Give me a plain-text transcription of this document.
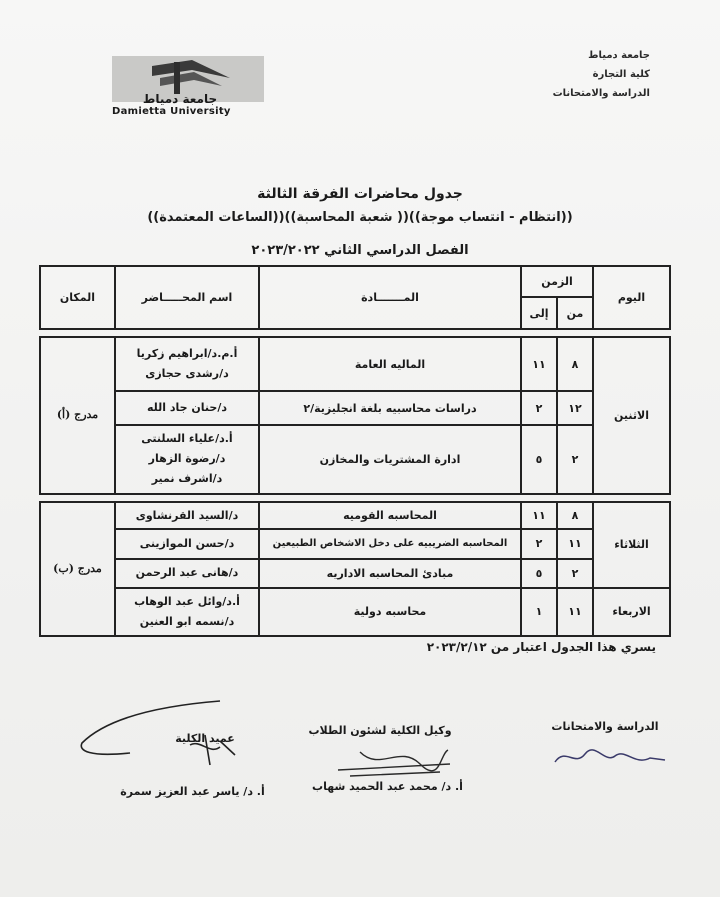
جامعة دمياط
كلية التجارة
الدراسة والامتحانات
جامعة دمياط
Damietta University
جدول محاضرات الفرقة الثالثة
((انتظام - انتساب موجة))(( شعبة المحاسبة))((الساعات المعتمدة))
الفصل الدراسي الثاني ٢٠٢٣/٢٠٢٢
اليوم	الزمن		المـــــــادة	اسم المحـــــاضر	المكان
	من	إلى			

الاثنين	٨	١١	الماليه العامة	أ.م.د/ابراهيم زكريا
د/رشدى حجازى	مدرج (أ)
	١٢	٢	دراسات محاسبيه بلغة انجليزية/٢	د/حنان جاد الله	

	٢	٥	ادارة المشتريات والمخازن	أ.د/علياء السلنتى
د/رضوة الزهار
د/اشرف نمير	

الثلاثاء	٨	١١	المحاسبه القوميه	د/السيد القرنشاوى	مدرج (ب)
	١١	٢	المحاسبه الضريبيه على دخل الاشخاص الطبيعين	د/حسن الموازينى	

	٢	٥	مبادئ المحاسبه الاداريه	د/هانى عبد الرحمن	

الاربعاء	١١	١	محاسبه دولية	أ.د/وائل عبد الوهاب
د/نسمه ابو العنين	
يسري هذا الجدول اعتبار من ٢٠٢٣/٢/١٢
الدراسة والامتحانات
وكيل الكلية لشئون الطلاب
عميد الكلية
أ. د/ محمد عبد الحميد شهاب
أ. د/ ياسر عبد العزيز سمرة
